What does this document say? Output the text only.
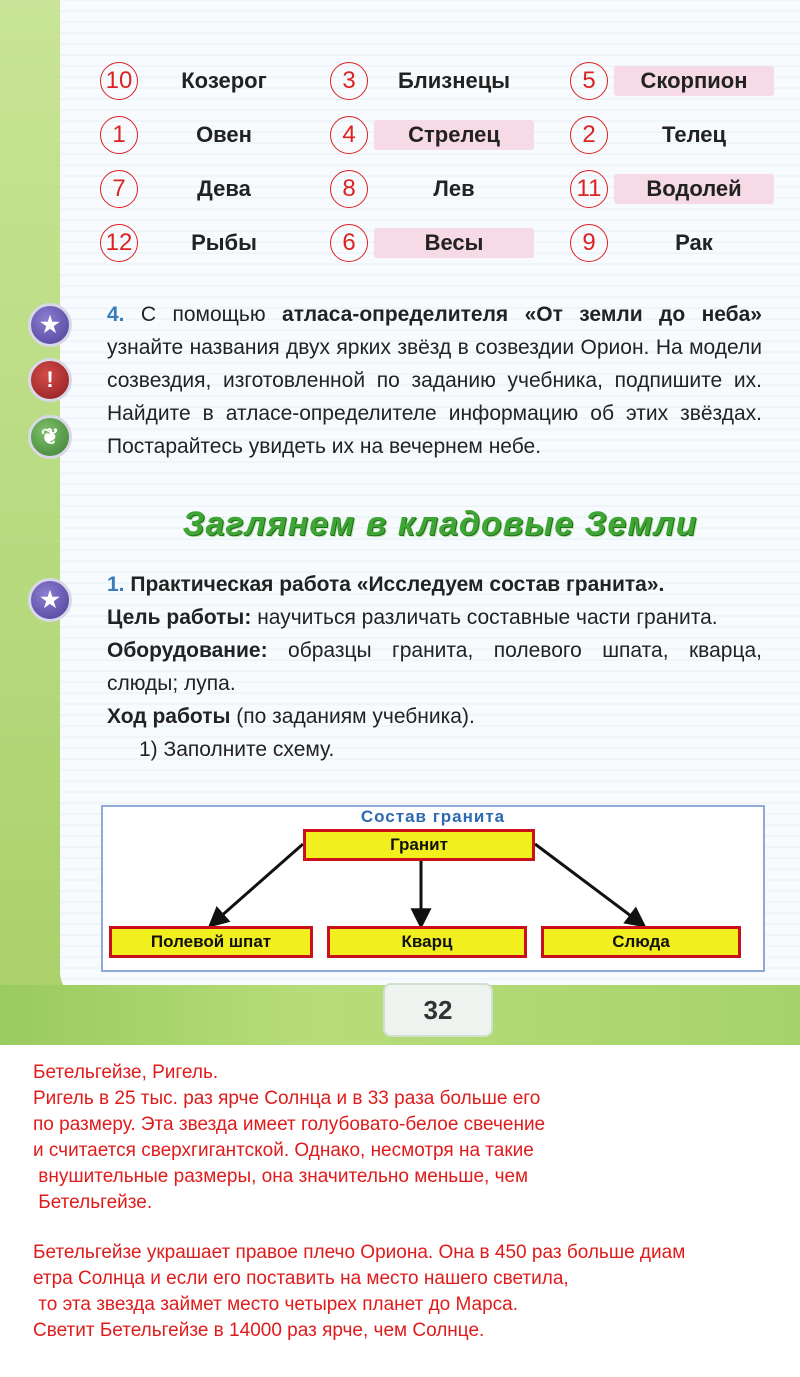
10	Козерог	3	Близнецы	5	Скорпион
1	Овен	4	Стрелец	2	Телец
7	Дева	8	Лев	11	Водолей
12	Рыбы	6	Весы	9	Рак
★
!
❦
★
4. С помощью атласа-определителя «От земли до неба» узнайте названия двух ярких звёзд в созвездии Орион. На модели созвездия, изготовленной по заданию учебника, подпишите их. Найдите в атласе-определителе информацию об этих звёздах. Постарайтесь увидеть их на вечернем небе.
Заглянем в кладовые Земли
1. Практическая работа «Исследуем состав гранита».
Цель работы: научиться различать составные части гранита.
Оборудование: образцы гранита, полевого шпата, кварца, слюды; лупа.
Ход работы (по заданиям учебника).
1) Заполните схему.
Состав гранита
Гранит
Полевой шпат	Кварц	Слюда
32
Бетельгейзе, Ригель.
Ригель в 25 тыс. раз ярче Солнца и в 33 раза больше его
по размеру. Эта звезда имеет голубовато-белое свечение
и считается сверхгигантской. Однако, несмотря на такие
внушительные размеры, она значительно меньше, чем
Бетельгейзе.
Бетельгейзе украшает правое плечо Ориона. Она в 450 раз больше диам
етра Солнца и если его поставить на место нашего светила,
то эта звезда займет место четырех планет до Марса.
Светит Бетельгейзе в 14000 раз ярче, чем Солнце.
